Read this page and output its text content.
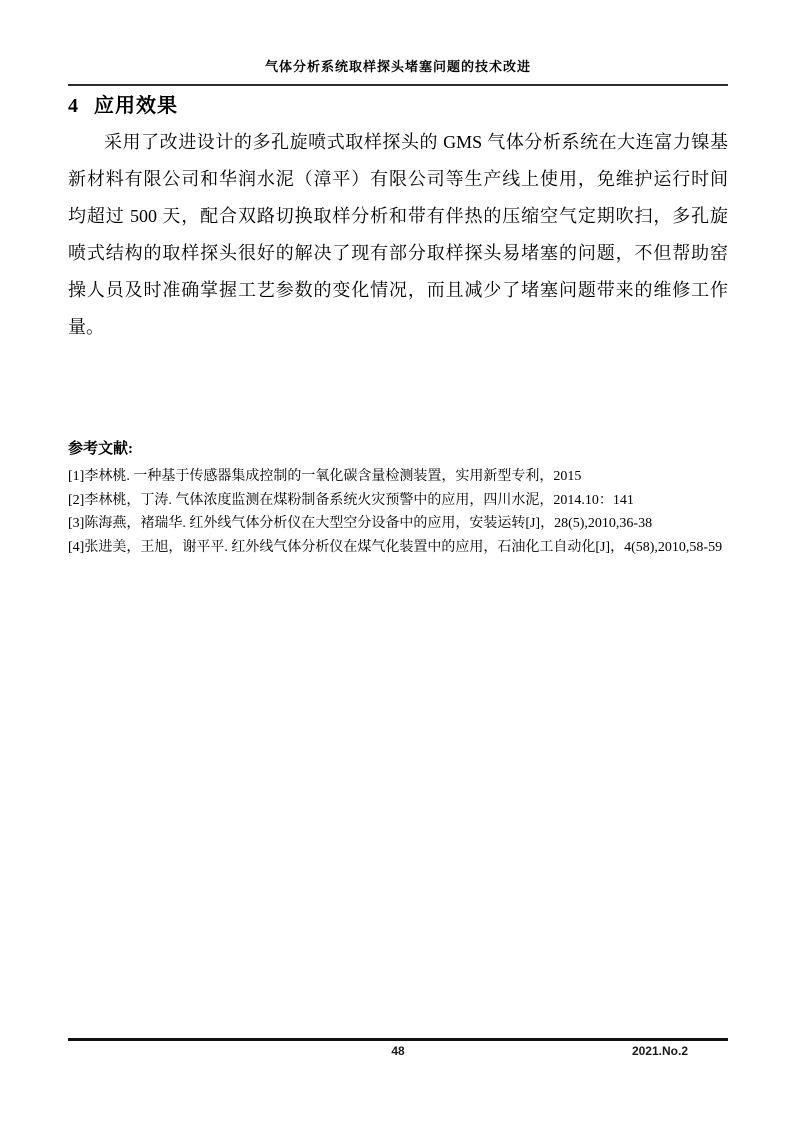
气体分析系统取样探头堵塞问题的技术改进
4 应用效果
采用了改进设计的多孔旋喷式取样探头的 GMS 气体分析系统在大连富力镍基
新材料有限公司和华润水泥（漳平）有限公司等生产线上使用，免维护运行时间
均超过 500 天，配合双路切换取样分析和带有伴热的压缩空气定期吹扫，多孔旋
喷式结构的取样探头很好的解决了现有部分取样探头易堵塞的问题，不但帮助窑
操人员及时准确掌握工艺参数的变化情况，而且减少了堵塞问题带来的维修工作
量。

参考文献:

[1]李林桃. 一种基于传感器集成控制的一氧化碳含量检测装置，实用新型专利，2015

[2]李林桃，丁涛. 气体浓度监测在煤粉制备系统火灾预警中的应用，四川水泥，2014.10：141

[3]陈海燕，褚瑞华. 红外线气体分析仪在大型空分设备中的应用，安装运转[J]，28(5),2010,36-38

[4]张进美，王旭，谢平平. 红外线气体分析仪在煤气化装置中的应用，石油化工自动化[J]，4(58),2010,58-59

48	2021.No.2
